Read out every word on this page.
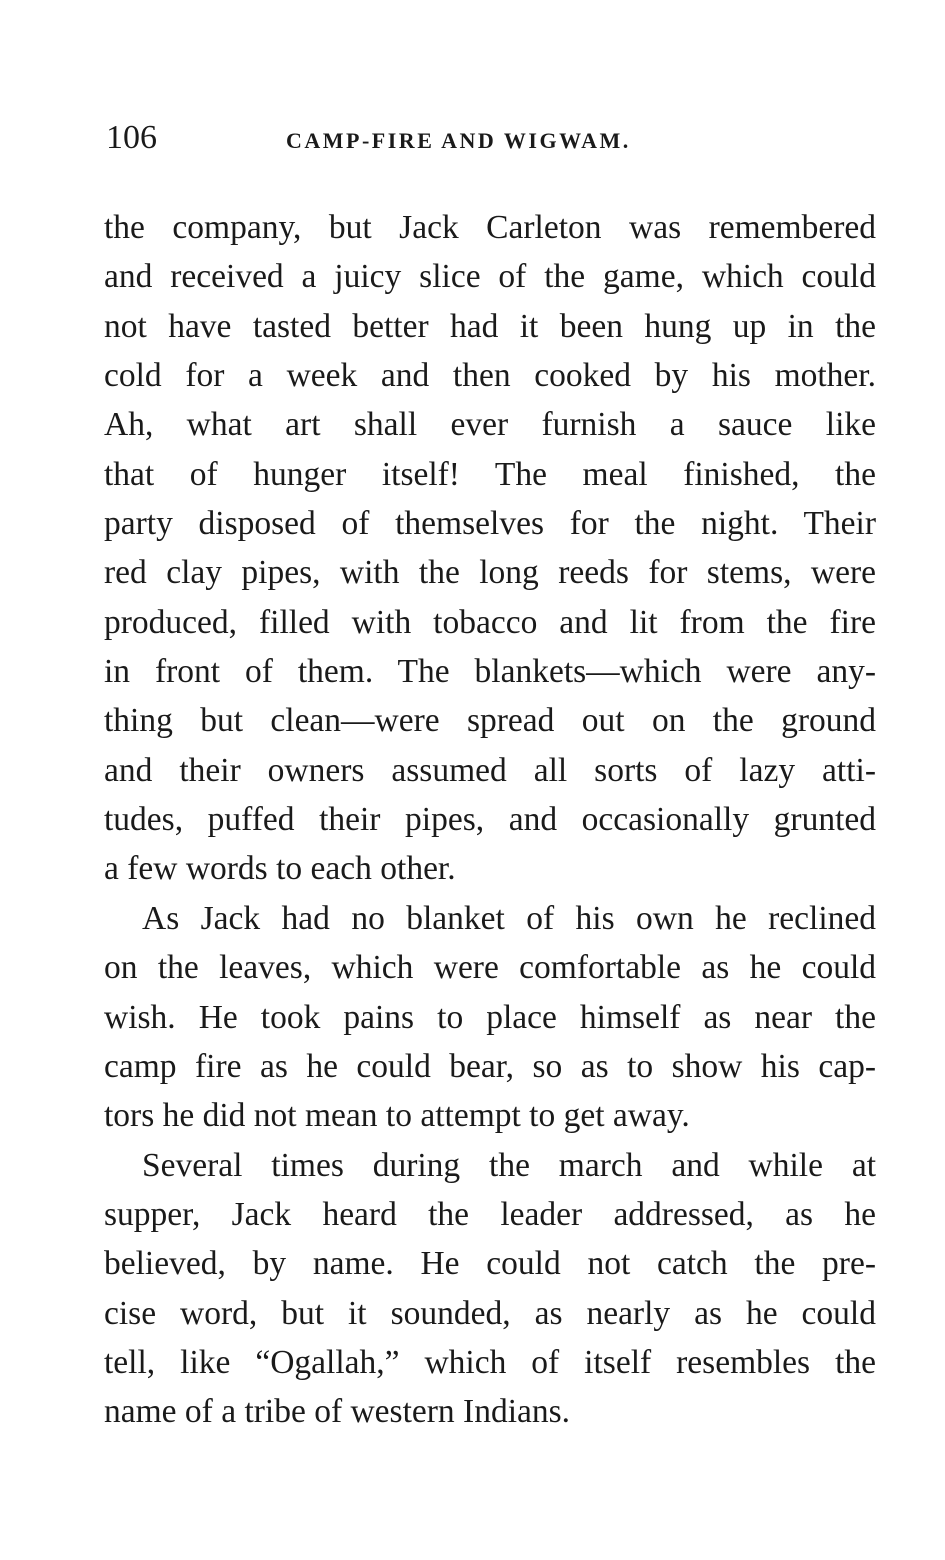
106	CAMP-FIRE AND WIGWAM.
the company, but Jack Carleton was remembered
and received a juicy slice of the game, which could
not have tasted better had it been hung up in the
cold for a week and then cooked by his mother.
Ah, what art shall ever furnish a sauce like
that of hunger itself! The meal finished, the
party disposed of themselves for the night. Their
red clay pipes, with the long reeds for stems, were
produced, filled with tobacco and lit from the fire
in front of them. The blankets—which were any-
thing but clean—were spread out on the ground
and their owners assumed all sorts of lazy atti-
tudes, puffed their pipes, and occasionally grunted
a few words to each other.
As Jack had no blanket of his own he reclined
on the leaves, which were comfortable as he could
wish. He took pains to place himself as near the
camp fire as he could bear, so as to show his cap-
tors he did not mean to attempt to get away.
Several times during the march and while at
supper, Jack heard the leader addressed, as he
believed, by name. He could not catch the pre-
cise word, but it sounded, as nearly as he could
tell, like “Ogallah,” which of itself resembles the
name of a tribe of western Indians.
